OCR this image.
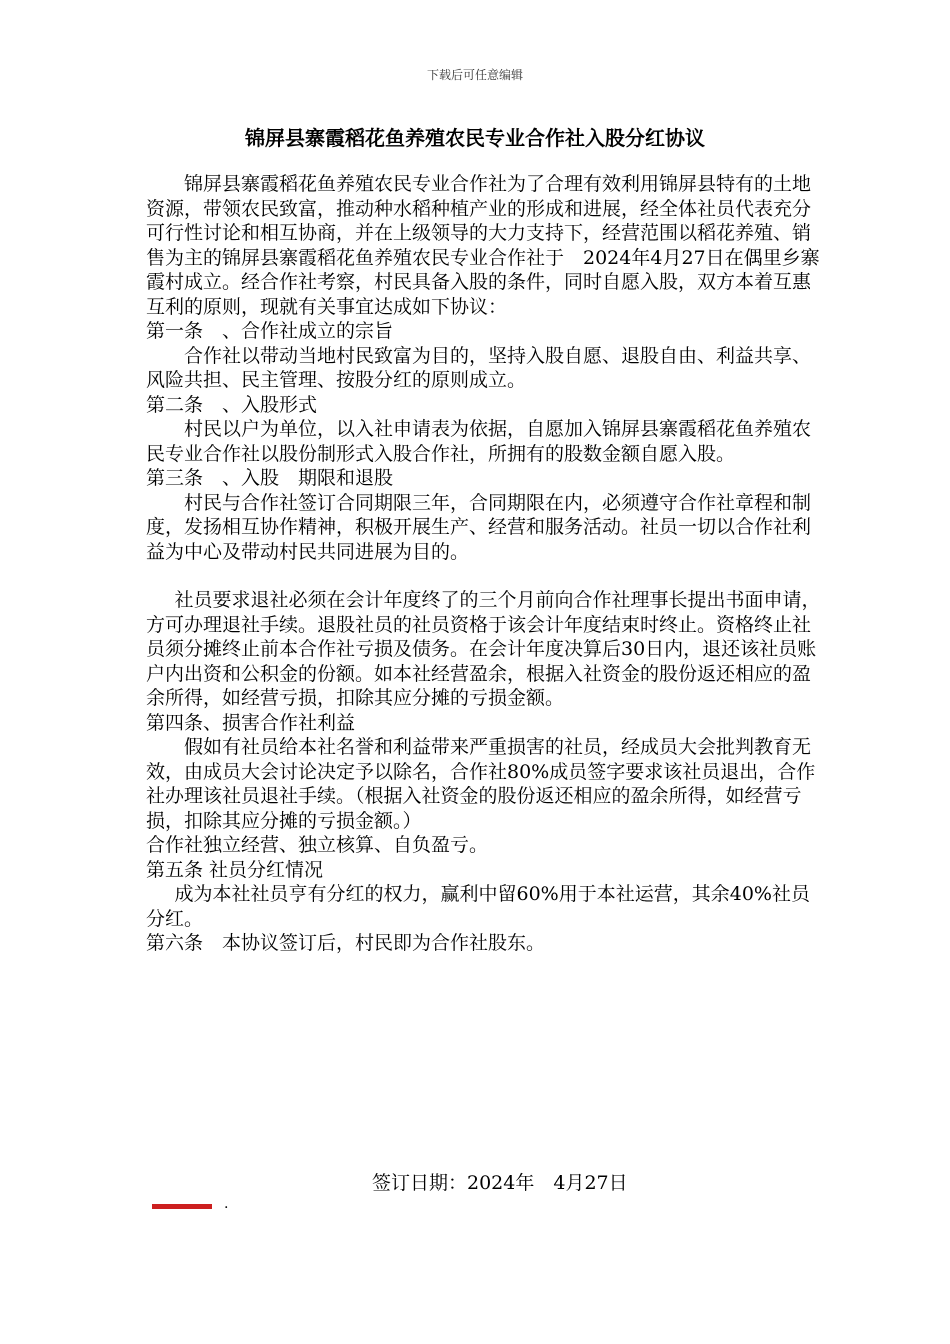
下载后可任意编辑
锦屏县寨霞稻花鱼养殖农民专业合作社入股分红协议

锦屏县寨霞稻花鱼养殖农民专业合作社为了合理有效利用锦屏县特有的土地资源，带领农民致富，推动种水稻种植产业的形成和进展，经全体社员代表充分可行性讨论和相互协商，并在上级领导的大力支持下，经营范围以稻花养殖、销售为主的锦屏县寨霞稻花鱼养殖农民专业合作社于　2024年4月27日在偶里乡寨霞村成立。经合作社考察，村民具备入股的条件，同时自愿入股，双方本着互惠互利的原则，现就有关事宜达成如下协议：

第一条　、合作社成立的宗旨

合作社以带动当地村民致富为目的，坚持入股自愿、退股自由、利益共享、风险共担、民主管理、按股分红的原则成立。

第二条　、入股形式

村民以户为单位，以入社申请表为依据，自愿加入锦屏县寨霞稻花鱼养殖农民专业合作社以股份制形式入股合作社，所拥有的股数金额自愿入股。

第三条　、入股　期限和退股

村民与合作社签订合同期限三年，合同期限在内，必须遵守合作社章程和制度，发扬相互协作精神，积极开展生产、经营和服务活动。社员一切以合作社利益为中心及带动村民共同进展为目的。

社员要求退社必须在会计年度终了的三个月前向合作社理事长提出书面申请，方可办理退社手续。退股社员的社员资格于该会计年度结束时终止。资格终止社员须分摊终止前本合作社亏损及债务。在会计年度决算后30日内，退还该社员账户内出资和公积金的份额。如本社经营盈余，根据入社资金的股份返还相应的盈余所得，如经营亏损，扣除其应分摊的亏损金额。

第四条、损害合作社利益

假如有社员给本社名誉和利益带来严重损害的社员，经成员大会批判教育无效，由成员大会讨论决定予以除名，合作社80%成员签字要求该社员退出，合作社办理该社员退社手续。（根据入社资金的股份返还相应的盈余所得，如经营亏损，扣除其应分摊的亏损金额。）

合作社独立经营、独立核算、自负盈亏。

第五条 社员分红情况

成为本社社员亨有分红的权力，赢利中留60%用于本社运营，其余40%社员分红。

第六条　本协议签订后，村民即为合作社股东。

签订日期：2024年　4月27日
.
